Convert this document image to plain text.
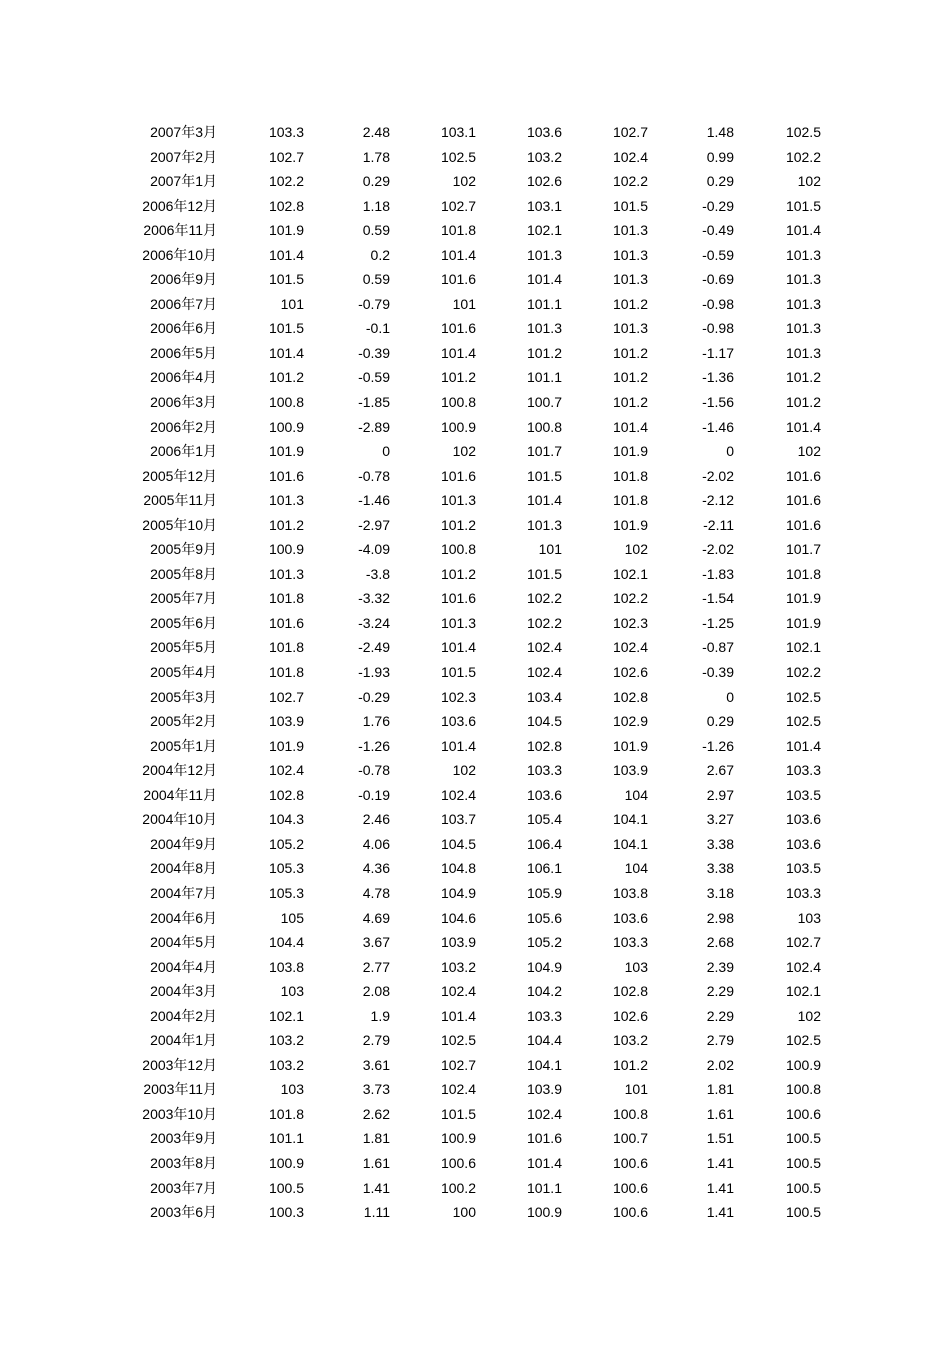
2007年3月	103.3	2.48	103.1	103.6	102.7	1.48	102.5
2007年2月	102.7	1.78	102.5	103.2	102.4	0.99	102.2
2007年1月	102.2	0.29	102	102.6	102.2	0.29	102
2006年12月	102.8	1.18	102.7	103.1	101.5	-0.29	101.5
2006年11月	101.9	0.59	101.8	102.1	101.3	-0.49	101.4
2006年10月	101.4	0.2	101.4	101.3	101.3	-0.59	101.3
2006年9月	101.5	0.59	101.6	101.4	101.3	-0.69	101.3
2006年7月	101	-0.79	101	101.1	101.2	-0.98	101.3
2006年6月	101.5	-0.1	101.6	101.3	101.3	-0.98	101.3
2006年5月	101.4	-0.39	101.4	101.2	101.2	-1.17	101.3
2006年4月	101.2	-0.59	101.2	101.1	101.2	-1.36	101.2
2006年3月	100.8	-1.85	100.8	100.7	101.2	-1.56	101.2
2006年2月	100.9	-2.89	100.9	100.8	101.4	-1.46	101.4
2006年1月	101.9	0	102	101.7	101.9	0	102
2005年12月	101.6	-0.78	101.6	101.5	101.8	-2.02	101.6
2005年11月	101.3	-1.46	101.3	101.4	101.8	-2.12	101.6
2005年10月	101.2	-2.97	101.2	101.3	101.9	-2.11	101.6
2005年9月	100.9	-4.09	100.8	101	102	-2.02	101.7
2005年8月	101.3	-3.8	101.2	101.5	102.1	-1.83	101.8
2005年7月	101.8	-3.32	101.6	102.2	102.2	-1.54	101.9
2005年6月	101.6	-3.24	101.3	102.2	102.3	-1.25	101.9
2005年5月	101.8	-2.49	101.4	102.4	102.4	-0.87	102.1
2005年4月	101.8	-1.93	101.5	102.4	102.6	-0.39	102.2
2005年3月	102.7	-0.29	102.3	103.4	102.8	0	102.5
2005年2月	103.9	1.76	103.6	104.5	102.9	0.29	102.5
2005年1月	101.9	-1.26	101.4	102.8	101.9	-1.26	101.4
2004年12月	102.4	-0.78	102	103.3	103.9	2.67	103.3
2004年11月	102.8	-0.19	102.4	103.6	104	2.97	103.5
2004年10月	104.3	2.46	103.7	105.4	104.1	3.27	103.6
2004年9月	105.2	4.06	104.5	106.4	104.1	3.38	103.6
2004年8月	105.3	4.36	104.8	106.1	104	3.38	103.5
2004年7月	105.3	4.78	104.9	105.9	103.8	3.18	103.3
2004年6月	105	4.69	104.6	105.6	103.6	2.98	103
2004年5月	104.4	3.67	103.9	105.2	103.3	2.68	102.7
2004年4月	103.8	2.77	103.2	104.9	103	2.39	102.4
2004年3月	103	2.08	102.4	104.2	102.8	2.29	102.1
2004年2月	102.1	1.9	101.4	103.3	102.6	2.29	102
2004年1月	103.2	2.79	102.5	104.4	103.2	2.79	102.5
2003年12月	103.2	3.61	102.7	104.1	101.2	2.02	100.9
2003年11月	103	3.73	102.4	103.9	101	1.81	100.8
2003年10月	101.8	2.62	101.5	102.4	100.8	1.61	100.6
2003年9月	101.1	1.81	100.9	101.6	100.7	1.51	100.5
2003年8月	100.9	1.61	100.6	101.4	100.6	1.41	100.5
2003年7月	100.5	1.41	100.2	101.1	100.6	1.41	100.5
2003年6月	100.3	1.11	100	100.9	100.6	1.41	100.5
